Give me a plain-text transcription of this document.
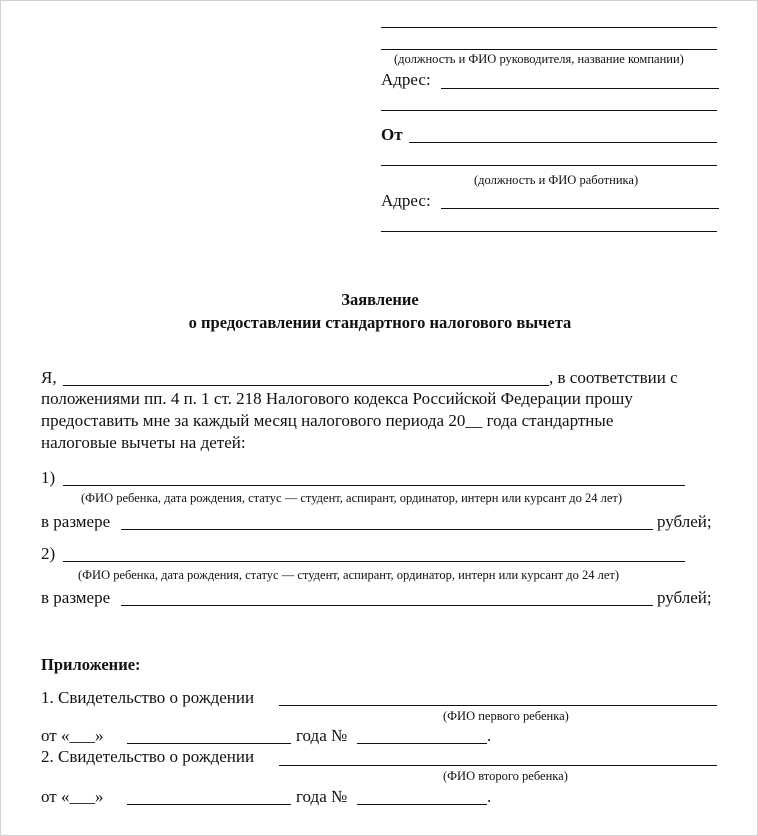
(должность и ФИО руководителя, название компании)
Адрес:
От
(должность и ФИО работника)
Адрес:
Заявление
о предоставлении стандартного налогового вычета
Я,	, в соответствии с
положениями пп. 4 п. 1 ст. 218 Налогового кодекса Российской Федерации прошу
предоставить мне за каждый месяц налогового периода 20__ года стандартные
налоговые вычеты на детей:
1)
(ФИО ребенка, дата рождения, статус — студент, аспирант, ординатор, интерн или курсант до 24 лет)
в размере	рублей;
2)
(ФИО ребенка, дата рождения, статус — студент, аспирант, ординатор, интерн или курсант до 24 лет)
в размере	рублей;
Приложение:
1. Свидетельство о рождении
(ФИО первого ребенка)
от «___»	года №	.
2. Свидетельство о рождении
(ФИО второго ребенка)
от «___»	года №	.
